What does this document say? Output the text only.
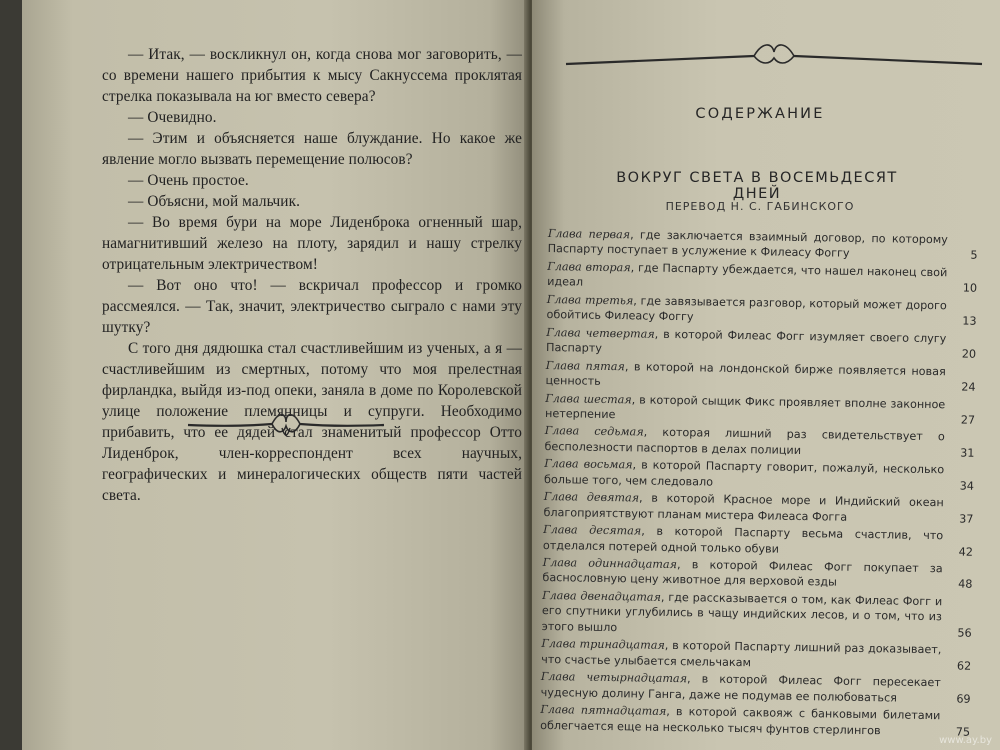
— Итак, — воскликнул он, когда снова мог заговорить, — со времени нашего прибытия к мысу Сакнуссема проклятая стрелка показывала на юг вместо севера?

— Очевидно.

— Этим и объясняется наше блуждание. Но какое же явление могло вызвать перемещение полюсов?

— Очень простое.

— Объясни, мой мальчик.

— Во время бури на море Лиденброка огненный шар, намагнитивший железо на плоту, зарядил и нашу стрелку отрицательным электричеством!

— Вот оно что! — вскричал профессор и громко рассмеялся. — Так, значит, электричество сыграло с нами эту шутку?

С того дня дядюшка стал счастливейшим из ученых, а я — счастливейшим из смертных, потому что моя прелестная фирландка, выйдя из-под опеки, заняла в доме по Королевской улице положение племянницы и супруги. Необходимо прибавить, что ее дядей стал знаменитый профессор Отто Лиденброк, член-корреспондент всех научных, географических и минералогических обществ пяти частей света.

СОДЕРЖАНИЕ
ВОКРУГ СВЕТА В ВОСЕМЬДЕСЯТ ДНЕЙ
ПЕРЕВОД Н. С. ГАБИНСКОГО
Глава первая, где заключается взаимный договор, по которому Паспарту поступает в услужение к Филеасу Фоггу	5
Глава вторая, где Паспарту убеждается, что нашел наконец свой идеал	10
Глава третья, где завязывается разговор, который может дорого обойтись Филеасу Фоггу	13
Глава четвертая, в которой Филеас Фогг изумляет своего слугу Паспарту	20
Глава пятая, в которой на лондонской бирже появляется новая ценность	24
Глава шестая, в которой сыщик Фикс проявляет вполне законное нетерпение	27
Глава седьмая, которая лишний раз свидетельствует о бесполезности паспортов в делах полиции	31
Глава восьмая, в которой Паспарту говорит, пожалуй, несколько больше того, чем следовало	34
Глава девятая, в которой Красное море и Индийский океан благоприятствуют планам мистера Филеаса Фогга	37
Глава десятая, в которой Паспарту весьма счастлив, что отделался потерей одной только обуви	42
Глава одиннадцатая, в которой Филеас Фогг покупает за баснословную цену животное для верховой езды	48
Глава двенадцатая, где рассказывается о том, как Филеас Фогг и его спутники углубились в чащу индийских лесов, и о том, что из этого вышло	56
Глава тринадцатая, в которой Паспарту лишний раз доказывает, что счастье улыбается смельчакам	62
Глава четырнадцатая, в которой Филеас Фогг пересекает чудесную долину Ганга, даже не подумав ее полюбоваться	69
Глава пятнадцатая, в которой саквояж с банковыми билетами облегчается еще на несколько тысяч фунтов стерлингов	75
www.ay.by
